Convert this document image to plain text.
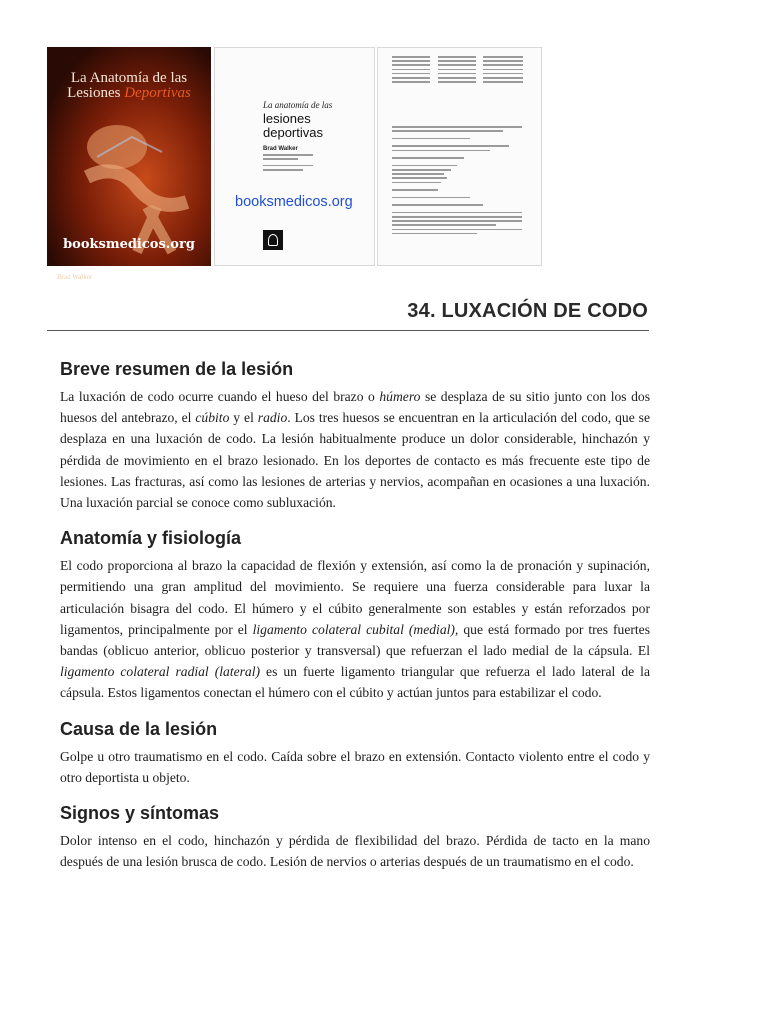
La Anatomía de las
Lesiones Deportivas
booksmedicos.org
Brad Walker
La anatomía de las
lesiones
deportivas
Brad Walker
booksmedicos.org
34. LUXACIÓN DE CODO
Breve resumen de la lesión

La luxación de codo ocurre cuando el hueso del brazo o húmero se desplaza de su sitio junto con los dos huesos del antebrazo, el cúbito y el radio. Los tres huesos se encuentran en la articulación del codo, que se desplaza en una luxación de codo. La lesión habitualmente produce un dolor considerable, hinchazón y pérdida de movimiento en el brazo lesionado. En los deportes de contacto es más frecuente este tipo de lesiones. Las fracturas, así como las lesiones de arterias y nervios, acompañan en ocasiones a una luxación. Una luxación parcial se conoce como subluxación.

Anatomía y fisiología

El codo proporciona al brazo la capacidad de flexión y extensión, así como la de pronación y supinación, permitiendo una gran amplitud del movimiento. Se requiere una fuerza considerable para luxar la articulación bisagra del codo. El húmero y el cúbito generalmente son estables y están reforzados por ligamentos, principalmente por el ligamento colateral cubital (medial), que está formado por tres fuertes bandas (oblicuo anterior, oblicuo posterior y transversal) que refuerzan el lado medial de la cápsula. El ligamento colateral radial (lateral) es un fuerte ligamento triangular que refuerza el lado lateral de la cápsula. Estos ligamentos conectan el húmero con el cúbito y actúan juntos para estabilizar el codo.

Causa de la lesión

Golpe u otro traumatismo en el codo. Caída sobre el brazo en extensión. Contacto violento entre el codo y otro deportista u objeto.

Signos y síntomas

Dolor intenso en el codo, hinchazón y pérdida de flexibilidad del brazo. Pérdida de tacto en la mano después de una lesión brusca de codo. Lesión de nervios o arterias después de un traumatismo en el codo.
